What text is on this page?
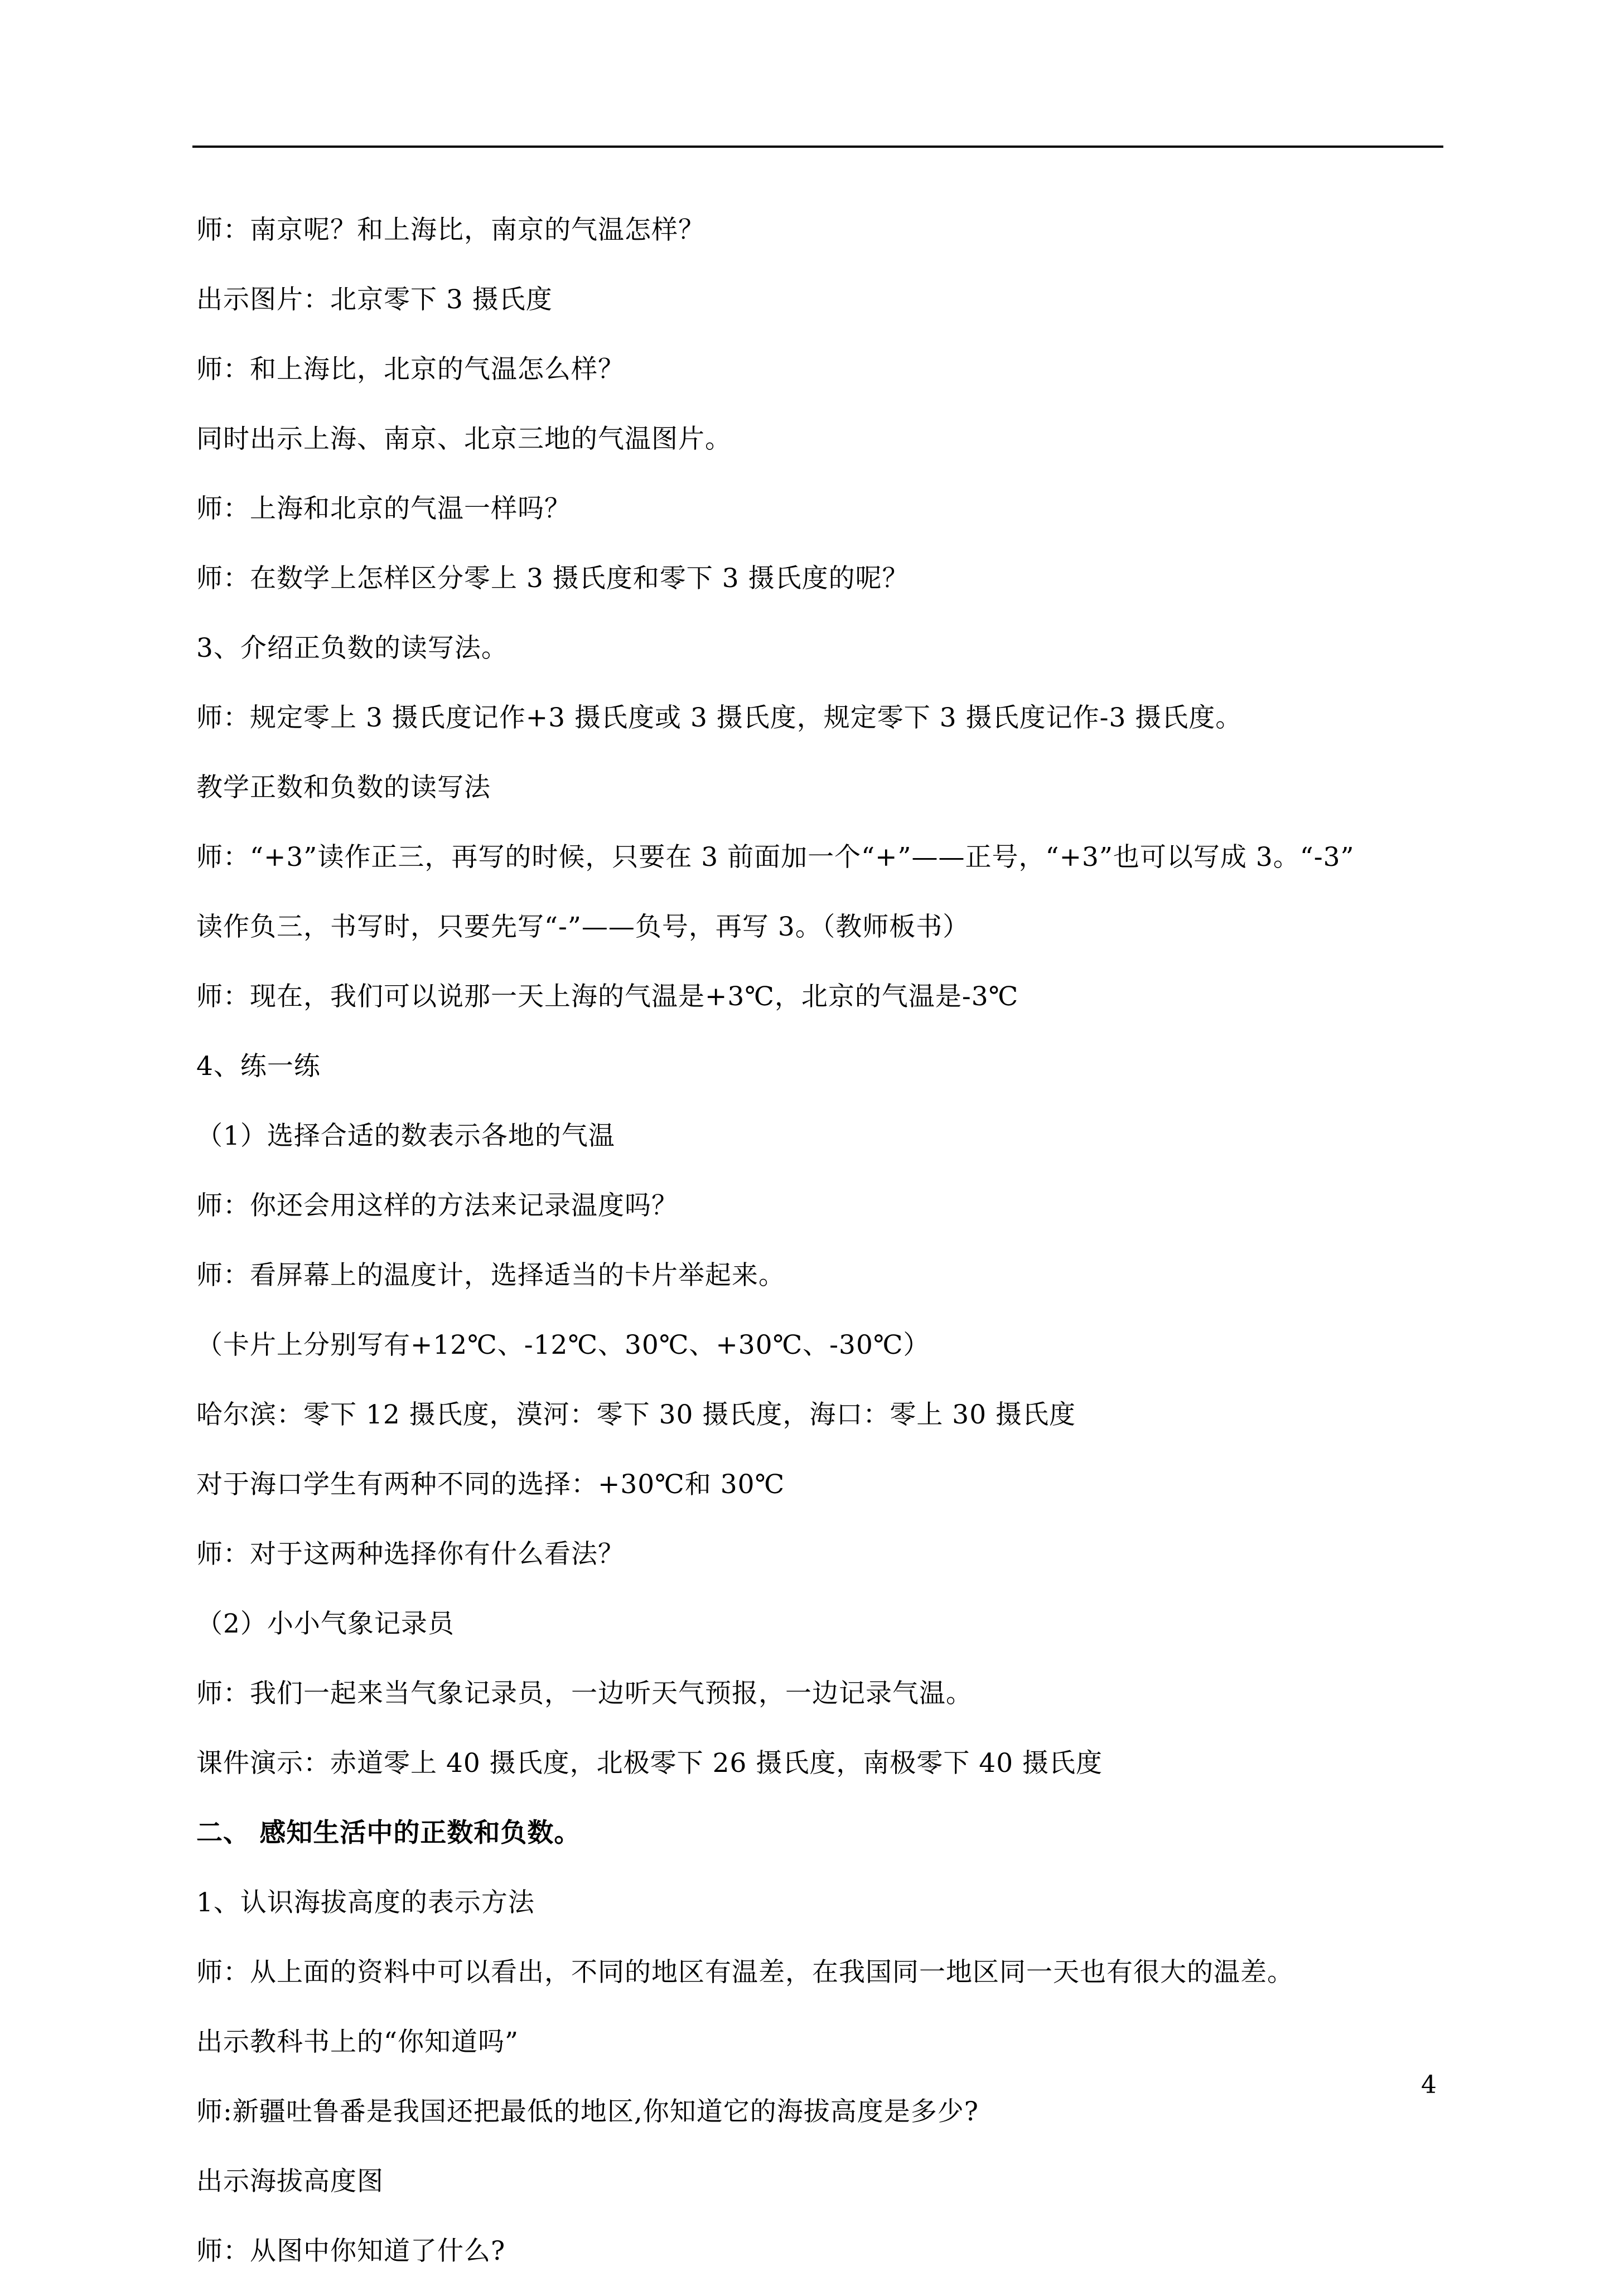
师：南京呢？和上海比，南京的气温怎样？
出示图片：北京零下 3 摄氏度
师：和上海比，北京的气温怎么样？
同时出示上海、南京、北京三地的气温图片。
师：上海和北京的气温一样吗？
师：在数学上怎样区分零上 3 摄氏度和零下 3 摄氏度的呢？
3、介绍正负数的读写法。
师：规定零上 3 摄氏度记作+3 摄氏度或 3 摄氏度，规定零下 3 摄氏度记作-3 摄氏度。
教学正数和负数的读写法
师：“+3”读作正三，再写的时候，只要在 3 前面加一个“+”——正号，“+3”也可以写成 3。“-3”
读作负三，书写时，只要先写“-”——负号，再写 3。（教师板书）
师：现在，我们可以说那一天上海的气温是+3℃，北京的气温是-3℃
4、练一练
（1）选择合适的数表示各地的气温
师：你还会用这样的方法来记录温度吗？
师：看屏幕上的温度计，选择适当的卡片举起来。
（卡片上分别写有+12℃、-12℃、30℃、+30℃、-30℃）
哈尔滨：零下 12 摄氏度，漠河：零下 30 摄氏度，海口：零上 30 摄氏度
对于海口学生有两种不同的选择：+30℃和 30℃
师：对于这两种选择你有什么看法？
（2）小小气象记录员
师：我们一起来当气象记录员，一边听天气预报，一边记录气温。
课件演示：赤道零上 40 摄氏度，北极零下 26 摄氏度，南极零下 40 摄氏度
二、 感知生活中的正数和负数。
1、认识海拔高度的表示方法
师：从上面的资料中可以看出，不同的地区有温差，在我国同一地区同一天也有很大的温差。
出示教科书上的“你知道吗”
师:新疆吐鲁番是我国还把最低的地区,你知道它的海拔高度是多少?
出示海拔高度图
师：从图中你知道了什么?
4
